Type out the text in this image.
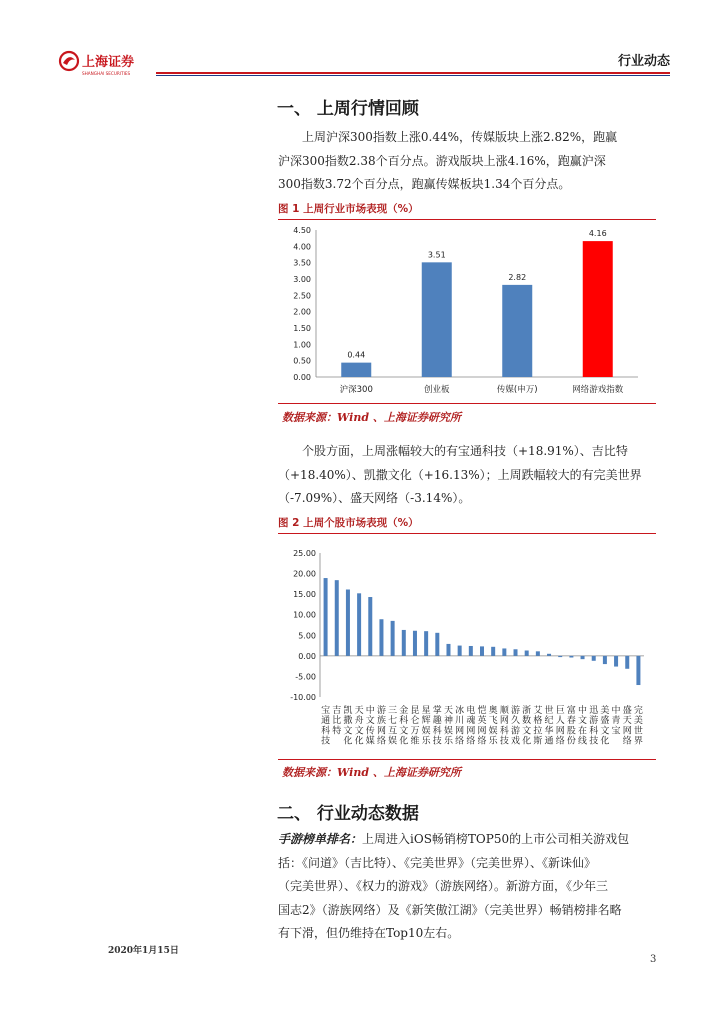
上海证券
SHANGHAI SECURITIES
行业动态
一、 上周行情回顾
上周沪深300指数上涨0.44%，传媒版块上涨2.82%，跑赢
沪深300指数2.38个百分点。游戏版块上涨4.16%，跑赢沪深
300指数3.72个百分点，跑赢传媒板块1.34个百分点。
图 1 上周行业市场表现（%）
0.00
0.50
1.00
1.50
2.00
2.50
3.00
3.50
4.00
4.50
0.44
沪深300
3.51
创业板
2.82
传媒(申万)
4.16
网络游戏指数
数据来源：Wind 、上海证券研究所
个股方面，上周涨幅较大的有宝通科技（+18.91%）、吉比特
（+18.40%）、凯撒文化（+16.13%）；上周跌幅较大的有完美世界
（-7.09%）、盛天网络（-3.14%）。
图 2 上周个股市场表现（%）
-10.00
-5.00
0.00
5.00
10.00
15.00
20.00
25.00
宝通科技
吉比特
凯撒文化
天舟文化
中文传媒
游族网络
三七互娱
金科文化
昆仑万维
星辉娱乐
掌趣科技
天神娱乐
冰川网络
电魂网络
恺英网络
奥飞娱乐
顺网科技
游久游戏
浙数文化
艾格拉斯
世纪华通
巨人网络
富春股份
中文在线
迅游科技
美盛文化
中青宝
盛天网络
完美世界
数据来源：Wind 、上海证券研究所
二、 行业动态数据
手游榜单排名：上周进入iOS畅销榜TOP50的上市公司相关游戏包
括：《问道》（吉比特）、《完美世界》（完美世界）、《新诛仙》
（完美世界）、《权力的游戏》（游族网络）。新游方面，《少年三
国志2》（游族网络）及《新笑傲江湖》（完美世界）畅销榜排名略
有下滑，但仍维持在Top10左右。
2020年1月15日
3
